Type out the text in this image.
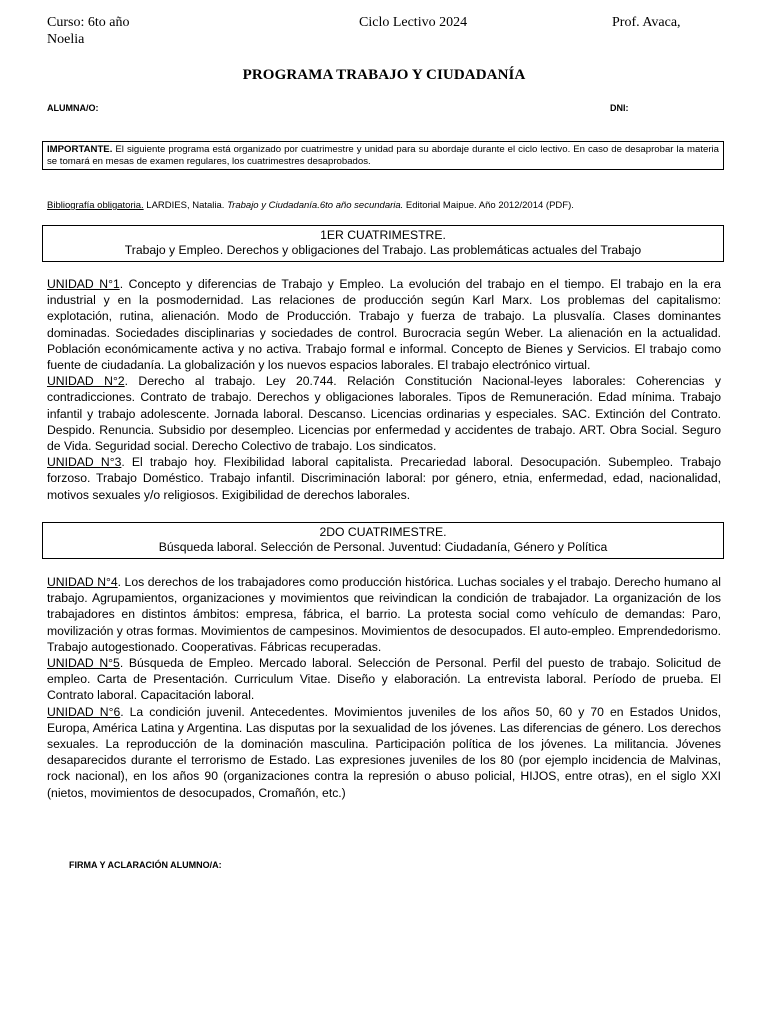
Curso: 6to año
Noelia
Ciclo Lectivo 2024	Prof. Avaca,
PROGRAMA TRABAJO Y CIUDADANÍA
ALUMNA/O:	DNI:
IMPORTANTE. El siguiente programa está organizado por cuatrimestre y unidad para su abordaje durante el ciclo lectivo. En caso de desaprobar la materia se tomará en mesas de examen regulares, los cuatrimestres desaprobados.
Bibliografía obligatoria. LARDIES, Natalia. Trabajo y Ciudadanía.6to año secundaria. Editorial Maipue. Año 2012/2014 (PDF).
1ER CUATRIMESTRE.
Trabajo y Empleo. Derechos y obligaciones del Trabajo. Las problemáticas actuales del Trabajo

UNIDAD N°1. Concepto y diferencias de Trabajo y Empleo. La evolución del trabajo en el tiempo. El trabajo en la era industrial y en la posmodernidad. Las relaciones de producción según Karl Marx. Los problemas del capitalismo: explotación, rutina, alienación. Modo de Producción. Trabajo y fuerza de trabajo. La plusvalía. Clases dominantes dominadas. Sociedades disciplinarias y sociedades de control. Burocracia según Weber. La alienación en la actualidad. Población económicamente activa y no activa. Trabajo formal e informal. Concepto de Bienes y Servicios. El trabajo como fuente de ciudadanía. La globalización y los nuevos espacios laborales. El trabajo electrónico virtual.

UNIDAD N°2. Derecho al trabajo. Ley 20.744. Relación Constitución Nacional-leyes laborales: Coherencias y contradicciones. Contrato de trabajo. Derechos y obligaciones laborales. Tipos de Remuneración. Edad mínima. Trabajo infantil y trabajo adolescente. Jornada laboral. Descanso. Licencias ordinarias y especiales. SAC. Extinción del Contrato. Despido. Renuncia. Subsidio por desempleo. Licencias por enfermedad y accidentes de trabajo. ART. Obra Social. Seguro de Vida. Seguridad social. Derecho Colectivo de trabajo. Los sindicatos.

UNIDAD N°3. El trabajo hoy. Flexibilidad laboral capitalista. Precariedad laboral. Desocupación. Subempleo. Trabajo forzoso. Trabajo Doméstico. Trabajo infantil. Discriminación laboral: por género, etnia, enfermedad, edad, nacionalidad, motivos sexuales y/o religiosos. Exigibilidad de derechos laborales.

2DO CUATRIMESTRE.
Búsqueda laboral. Selección de Personal. Juventud: Ciudadanía, Género y Política

UNIDAD N°4. Los derechos de los trabajadores como producción histórica. Luchas sociales y el trabajo. Derecho humano al trabajo. Agrupamientos, organizaciones y movimientos que reivindican la condición de trabajador. La organización de los trabajadores en distintos ámbitos: empresa, fábrica, el barrio. La protesta social como vehículo de demandas: Paro, movilización y otras formas. Movimientos de campesinos. Movimientos de desocupados. El auto-empleo. Emprendedorismo. Trabajo autogestionado. Cooperativas. Fábricas recuperadas.

UNIDAD N°5. Búsqueda de Empleo. Mercado laboral. Selección de Personal. Perfil del puesto de trabajo. Solicitud de empleo. Carta de Presentación. Curriculum Vitae. Diseño y elaboración. La entrevista laboral. Período de prueba. El Contrato laboral. Capacitación laboral.

UNIDAD N°6. La condición juvenil. Antecedentes. Movimientos juveniles de los años 50, 60 y 70 en Estados Unidos, Europa, América Latina y Argentina. Las disputas por la sexualidad de los jóvenes. Las diferencias de género. Los derechos sexuales. La reproducción de la dominación masculina. Participación política de los jóvenes. La militancia. Jóvenes desaparecidos durante el terrorismo de Estado. Las expresiones juveniles de los 80 (por ejemplo incidencia de Malvinas, rock nacional), en los años 90 (organizaciones contra la represión o abuso policial, HIJOS, entre otras), en el siglo XXI (nietos, movimientos de desocupados, Cromañón, etc.)

FIRMA Y ACLARACIÓN ALUMNO/A:
